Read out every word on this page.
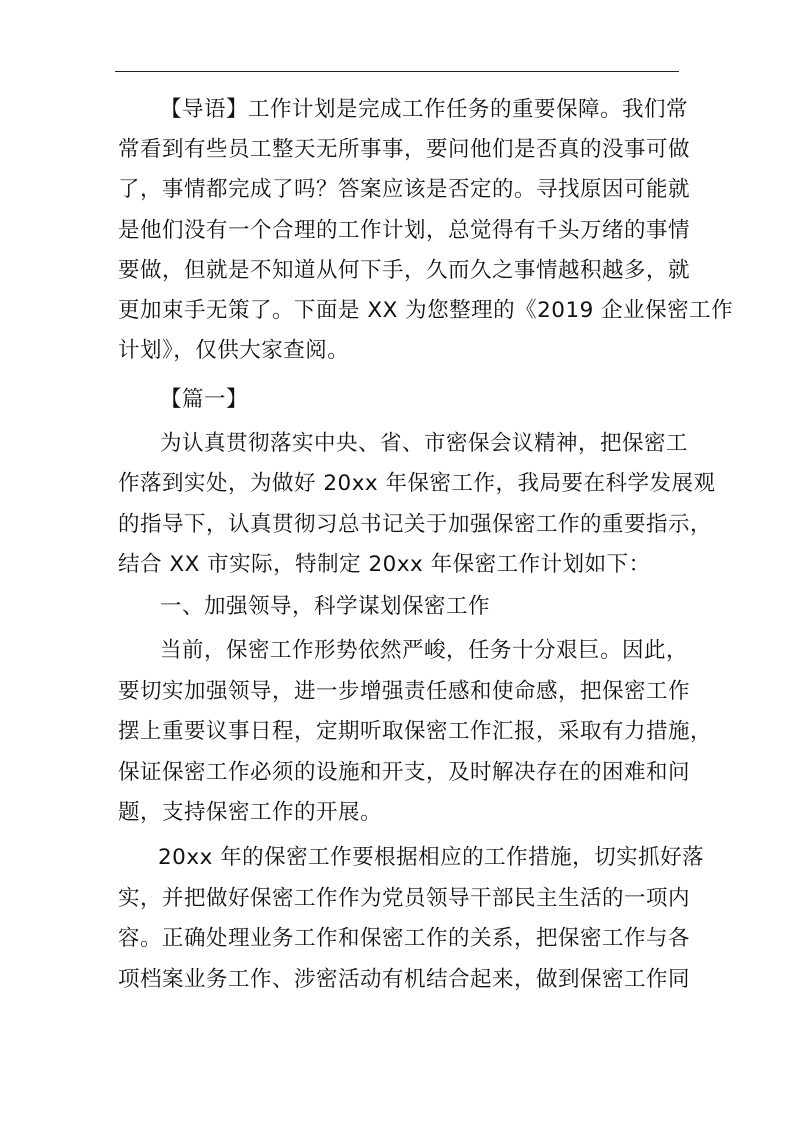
【导语】工作计划是完成工作任务的重要保障。我们常
常看到有些员工整天无所事事，要问他们是否真的没事可做
了，事情都完成了吗？答案应该是否定的。寻找原因可能就
是他们没有一个合理的工作计划，总觉得有千头万绪的事情
要做，但就是不知道从何下手，久而久之事情越积越多，就
更加束手无策了。下面是 XX 为您整理的《2019 企业保密工作
计划》，仅供大家查阅。
【篇一】
为认真贯彻落实中央、省、市密保会议精神，把保密工
作落到实处，为做好 20xx 年保密工作，我局要在科学发展观
的指导下，认真贯彻习总书记关于加强保密工作的重要指示，
结合 XX 市实际，特制定 20xx 年保密工作计划如下：
一、加强领导，科学谋划保密工作
当前，保密工作形势依然严峻，任务十分艰巨。因此，
要切实加强领导，进一步增强责任感和使命感，把保密工作
摆上重要议事日程，定期听取保密工作汇报，采取有力措施，
保证保密工作必须的设施和开支，及时解决存在的困难和问
题，支持保密工作的开展。
20xx 年的保密工作要根据相应的工作措施，切实抓好落
实，并把做好保密工作作为党员领导干部民主生活的一项内
容。正确处理业务工作和保密工作的关系，把保密工作与各
项档案业务工作、涉密活动有机结合起来，做到保密工作同
